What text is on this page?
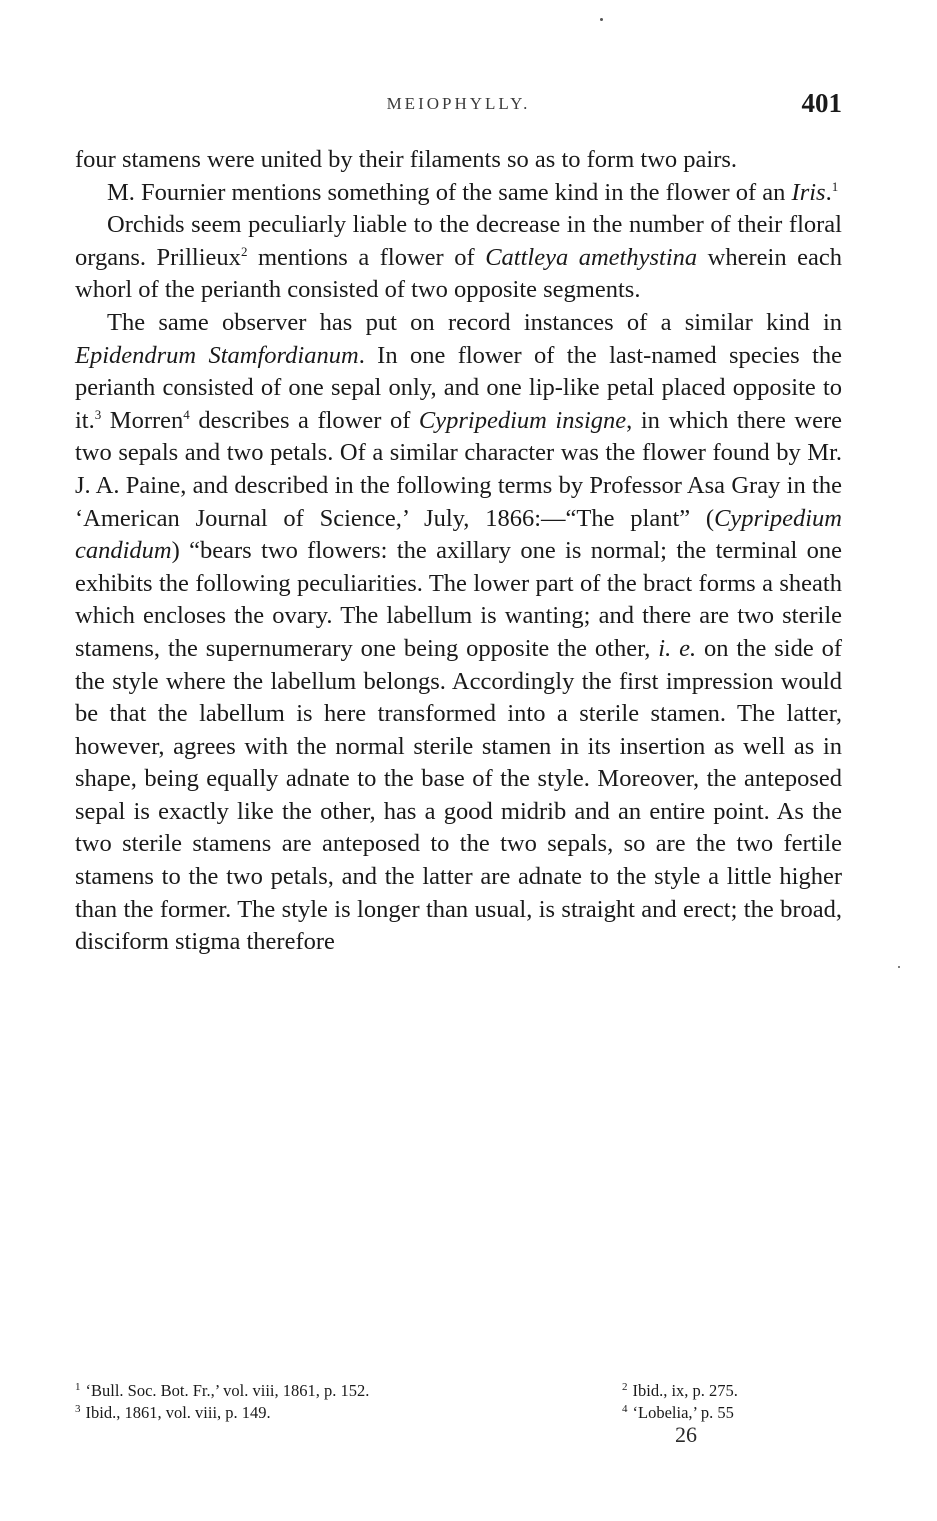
MEIOPHYLLY.	401

four stamens were united by their filaments so as to form two pairs.

M. Fournier mentions something of the same kind in the flower of an Iris.$^1$

Orchids seem peculiarly liable to the decrease in the number of their floral organs. Prillieux$^2$ mentions a flower of Cattleya amethystina wherein each whorl of the perianth consisted of two opposite segments.

The same observer has put on record instances of a similar kind in Epidendrum Stamfordianum. In one flower of the last-named species the perianth consisted of one sepal only, and one lip-like petal placed opposite to it.$^3$ Morren$^4$ describes a flower of Cypripedium insigne, in which there were two sepals and two petals. Of a similar character was the flower found by Mr. J. A. Paine, and described in the following terms by Professor Asa Gray in the ‘American Journal of Science,’ July, 1866:—“The plant” (Cypripedium candidum) “bears two flowers: the axillary one is normal; the terminal one exhibits the following peculiarities. The lower part of the bract forms a sheath which encloses the ovary. The labellum is wanting; and there are two sterile stamens, the supernumerary one being opposite the other, i. e. on the side of the style where the labellum belongs. Accordingly the first impression would be that the labellum is here transformed into a sterile stamen. The latter, however, agrees with the normal sterile stamen in its insertion as well as in shape, being equally adnate to the base of the style. Moreover, the anteposed sepal is exactly like the other, has a good midrib and an entire point. As the two sterile stamens are anteposed to the two sepals, so are the two fertile stamens to the two petals, and the latter are adnate to the style a little higher than the former. The style is longer than usual, is straight and erect; the broad, disciform stigma therefore

$^1$ ‘Bull. Soc. Bot. Fr.,’ vol. viii, 1861, p. 152.	$^2$ Ibid., ix, p. 275.
$^3$ Ibid., 1861, vol. viii, p. 149.	$^4$ ‘Lobelia,’ p. 55
26
